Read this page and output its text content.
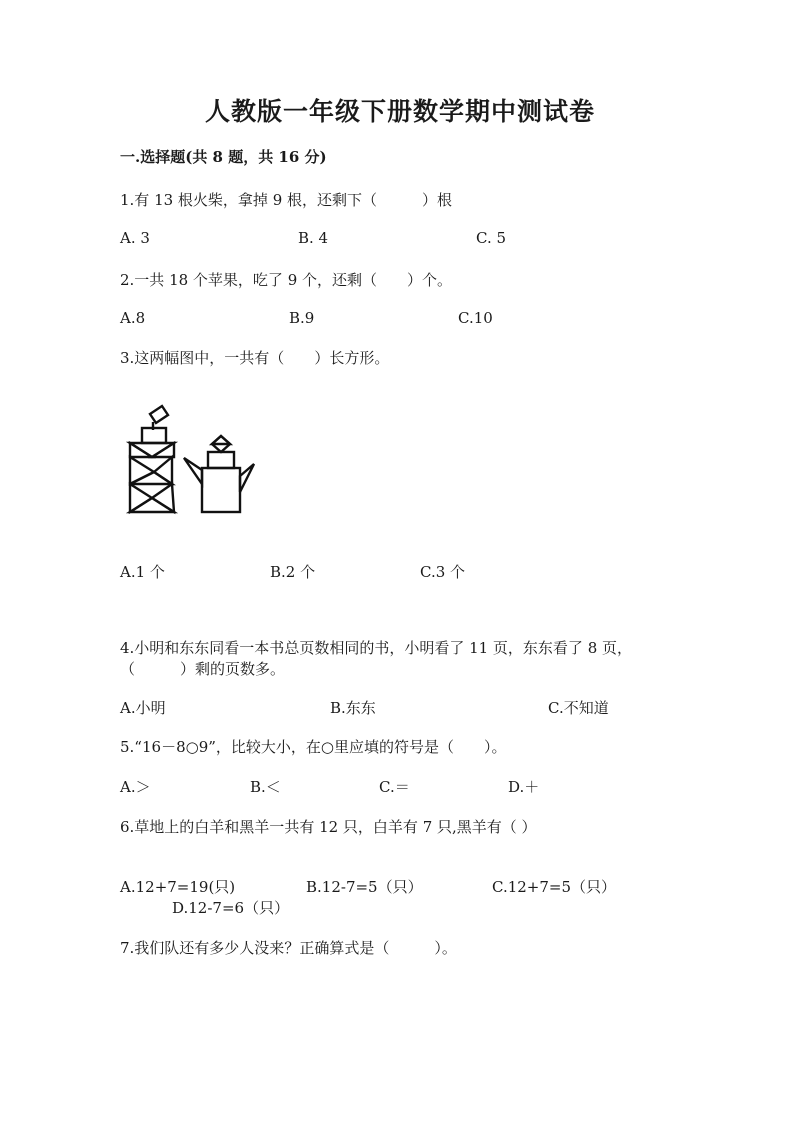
人教版一年级下册数学期中测试卷
一.选择题(共 8 题，共 16 分)
1.有 13 根火柴，拿掉 9 根，还剩下（　　　）根
A. 3	B. 4	C. 5
2.一共 18 个苹果，吃了 9 个，还剩（　　）个。
A.8	B.9	C.10
3.这两幅图中，一共有（　　）长方形。
A.1 个	B.2 个	C.3 个
4.小明和东东同看一本书总页数相同的书，小明看了 11 页，东东看了 8 页，
（　　　）剩的页数多。
A.小明	B.东东	C.不知道
5.“16－8○9”，比较大小，在○里应填的符号是（　　）。
A.＞	B.＜	C.＝	D.＋
6.草地上的白羊和黑羊一共有 12 只，白羊有 7 只,黑羊有（ ）
A.12+7=19(只)	B.12-7=5（只）	C.12+7=5（只）
D.12-7=6（只）
7.我们队还有多少人没来？正确算式是（　　　）。
